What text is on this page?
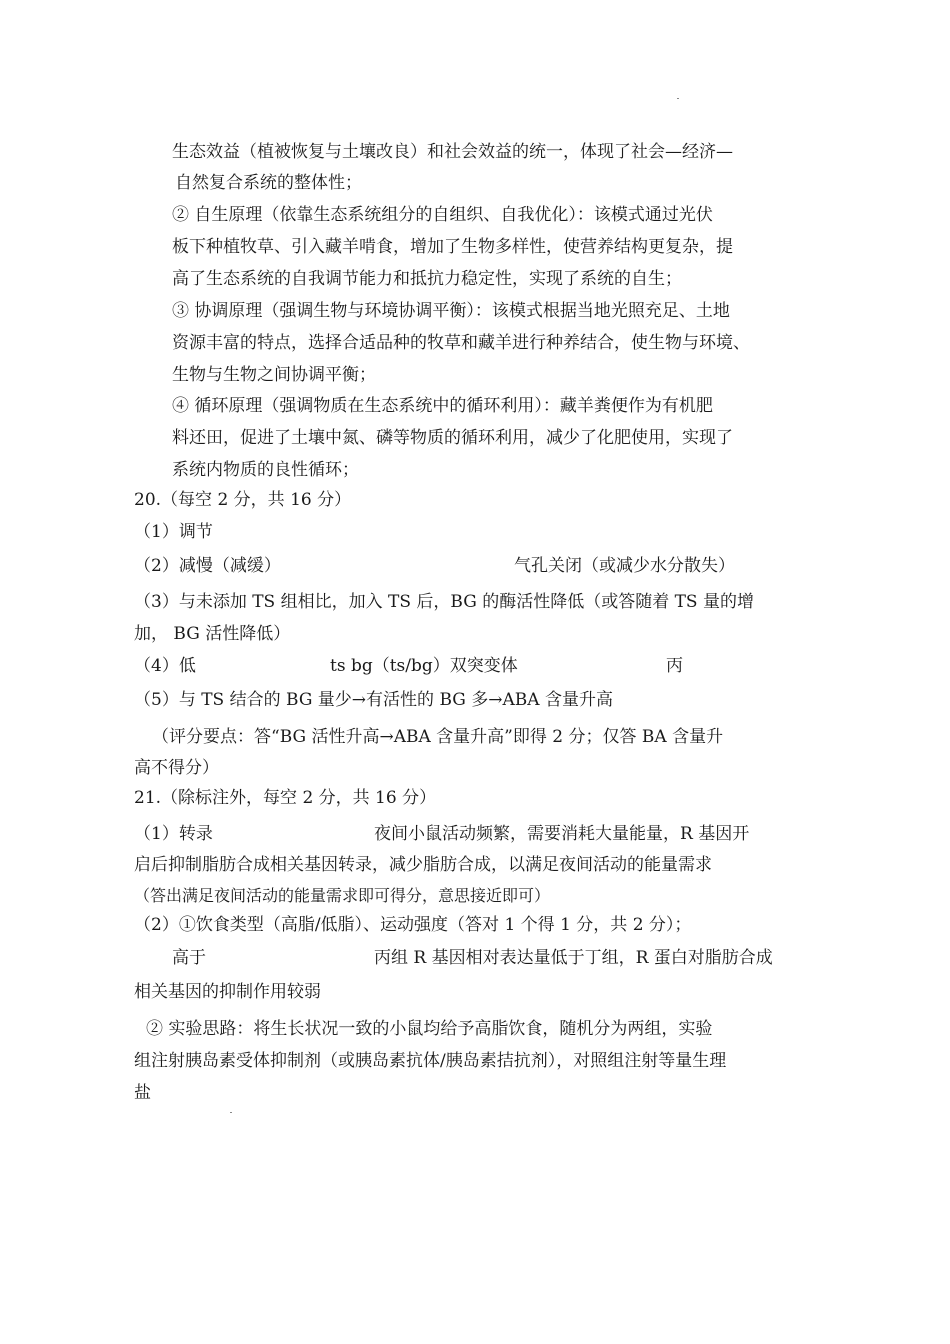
生态效益（植被恢复与土壤改良）和社会效益的统一，体现了社会—经济—
自然复合系统的整体性；
② 自生原理（依靠生态系统组分的自组织、自我优化）：该模式通过光伏
板下种植牧草、引入藏羊啃食，增加了生物多样性，使营养结构更复杂，提
高了生态系统的自我调节能力和抵抗力稳定性，实现了系统的自生；
③ 协调原理（强调生物与环境协调平衡）：该模式根据当地光照充足、土地
资源丰富的特点，选择合适品种的牧草和藏羊进行种养结合，使生物与环境、
生物与生物之间协调平衡；
④ 循环原理（强调物质在生态系统中的循环利用）：藏羊粪便作为有机肥
料还田，促进了土壤中氮、磷等物质的循环利用，减少了化肥使用，实现了
系统内物质的良性循环；
20.（每空 2 分，共 16 分）
（1）调节
（2）减慢（减缓）	气孔关闭（或减少水分散失）
（3）与未添加 TS 组相比，加入 TS 后，BG 的酶活性降低（或答随着 TS 量的增
加， BG 活性降低）
（4）低	ts bg（ts/bg）双突变体	丙
（5）与 TS 结合的 BG 量少→有活性的 BG 多→ABA 含量升高
（评分要点：答“BG 活性升高→ABA 含量升高”即得 2 分；仅答 BA 含量升
高不得分）
21.（除标注外，每空 2 分，共 16 分）
（1）转录	夜间小鼠活动频繁，需要消耗大量能量，R 基因开
启后抑制脂肪合成相关基因转录，减少脂肪合成，以满足夜间活动的能量需求
（答出满足夜间活动的能量需求即可得分，意思接近即可）
（2）①饮食类型（高脂/低脂）、运动强度（答对 1 个得 1 分，共 2 分）；
高于	丙组 R 基因相对表达量低于丁组，R 蛋白对脂肪合成
相关基因的抑制作用较弱
② 实验思路：将生长状况一致的小鼠均给予高脂饮食，随机分为两组，实验
组注射胰岛素受体抑制剂（或胰岛素抗体/胰岛素拮抗剂），对照组注射等量生理
盐
